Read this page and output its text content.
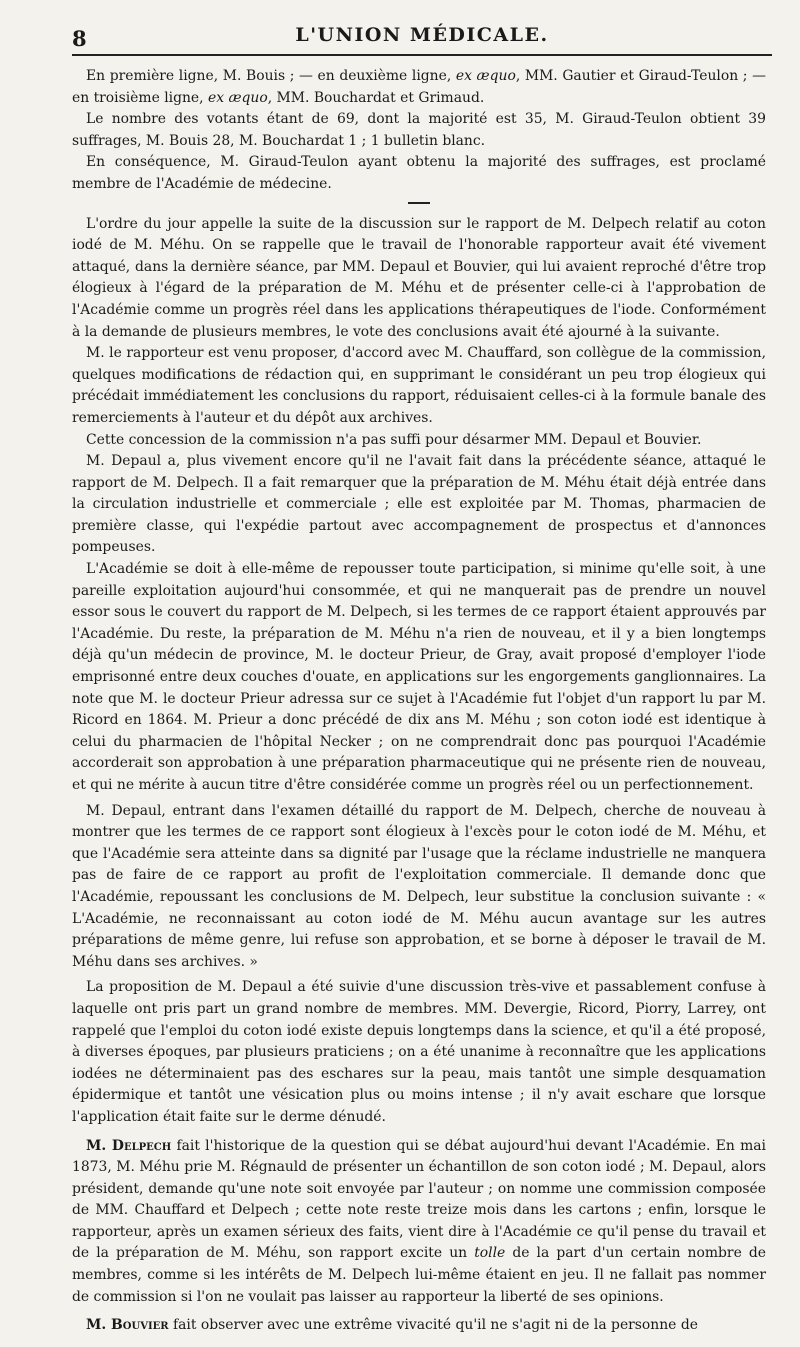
8	L'UNION MÉDICALE.

En première ligne, M. Bouis ; — en deuxième ligne, ex æquo, MM. Gautier et Giraud-Teulon ; — en troisième ligne, ex æquo, MM. Bouchardat et Grimaud.

Le nombre des votants étant de 69, dont la majorité est 35, M. Giraud-Teulon obtient 39 suffrages, M. Bouis 28, M. Bouchardat 1 ; 1 bulletin blanc.

En conséquence, M. Giraud-Teulon ayant obtenu la majorité des suffrages, est proclamé membre de l'Académie de médecine.

L'ordre du jour appelle la suite de la discussion sur le rapport de M. Delpech relatif au coton iodé de M. Méhu. On se rappelle que le travail de l'honorable rapporteur avait été vivement attaqué, dans la dernière séance, par MM. Depaul et Bouvier, qui lui avaient reproché d'être trop élogieux à l'égard de la préparation de M. Méhu et de présenter celle-ci à l'approbation de l'Académie comme un progrès réel dans les applications thérapeutiques de l'iode. Conformément à la demande de plusieurs membres, le vote des conclusions avait été ajourné à la suivante.

M. le rapporteur est venu proposer, d'accord avec M. Chauffard, son collègue de la commission, quelques modifications de rédaction qui, en supprimant le considérant un peu trop élogieux qui précédait immédiatement les conclusions du rapport, réduisaient celles-ci à la formule banale des remerciements à l'auteur et du dépôt aux archives.

Cette concession de la commission n'a pas suffi pour désarmer MM. Depaul et Bouvier.

M. Depaul a, plus vivement encore qu'il ne l'avait fait dans la précédente séance, attaqué le rapport de M. Delpech. Il a fait remarquer que la préparation de M. Méhu était déjà entrée dans la circulation industrielle et commerciale ; elle est exploitée par M. Thomas, pharmacien de première classe, qui l'expédie partout avec accompagnement de prospectus et d'annonces pompeuses.

L'Académie se doit à elle-même de repousser toute participation, si minime qu'elle soit, à une pareille exploitation aujourd'hui consommée, et qui ne manquerait pas de prendre un nouvel essor sous le couvert du rapport de M. Delpech, si les termes de ce rapport étaient approuvés par l'Académie. Du reste, la préparation de M. Méhu n'a rien de nouveau, et il y a bien longtemps déjà qu'un médecin de province, M. le docteur Prieur, de Gray, avait proposé d'employer l'iode emprisonné entre deux couches d'ouate, en applications sur les engorgements ganglionnaires. La note que M. le docteur Prieur adressa sur ce sujet à l'Académie fut l'objet d'un rapport lu par M. Ricord en 1864. M. Prieur a donc précédé de dix ans M. Méhu ; son coton iodé est identique à celui du pharmacien de l'hôpital Necker ; on ne comprendrait donc pas pourquoi l'Académie accorderait son approbation à une préparation pharmaceutique qui ne présente rien de nouveau, et qui ne mérite à aucun titre d'être considérée comme un progrès réel ou un perfectionnement.

M. Depaul, entrant dans l'examen détaillé du rapport de M. Delpech, cherche de nouveau à montrer que les termes de ce rapport sont élogieux à l'excès pour le coton iodé de M. Méhu, et que l'Académie sera atteinte dans sa dignité par l'usage que la réclame industrielle ne manquera pas de faire de ce rapport au profit de l'exploitation commerciale. Il demande donc que l'Académie, repoussant les conclusions de M. Delpech, leur substitue la conclusion suivante : « L'Académie, ne reconnaissant au coton iodé de M. Méhu aucun avantage sur les autres préparations de même genre, lui refuse son approbation, et se borne à déposer le travail de M. Méhu dans ses archives. »

La proposition de M. Depaul a été suivie d'une discussion très-vive et passablement confuse à laquelle ont pris part un grand nombre de membres. MM. Devergie, Ricord, Piorry, Larrey, ont rappelé que l'emploi du coton iodé existe depuis longtemps dans la science, et qu'il a été proposé, à diverses époques, par plusieurs praticiens ; on a été unanime à reconnaître que les applications iodées ne déterminaient pas des eschares sur la peau, mais tantôt une simple desquamation épidermique et tantôt une vésication plus ou moins intense ; il n'y avait eschare que lorsque l'application était faite sur le derme dénudé.

M. Delpech fait l'historique de la question qui se débat aujourd'hui devant l'Académie. En mai 1873, M. Méhu prie M. Régnauld de présenter un échantillon de son coton iodé ; M. Depaul, alors président, demande qu'une note soit envoyée par l'auteur ; on nomme une commission composée de MM. Chauffard et Delpech ; cette note reste treize mois dans les cartons ; enfin, lorsque le rapporteur, après un examen sérieux des faits, vient dire à l'Académie ce qu'il pense du travail et de la préparation de M. Méhu, son rapport excite un tolle de la part d'un certain nombre de membres, comme si les intérêts de M. Delpech lui-même étaient en jeu. Il ne fallait pas nommer de commission si l'on ne voulait pas laisser au rapporteur la liberté de ses opinions.

M. Bouvier fait observer avec une extrême vivacité qu'il ne s'agit ni de la personne de
